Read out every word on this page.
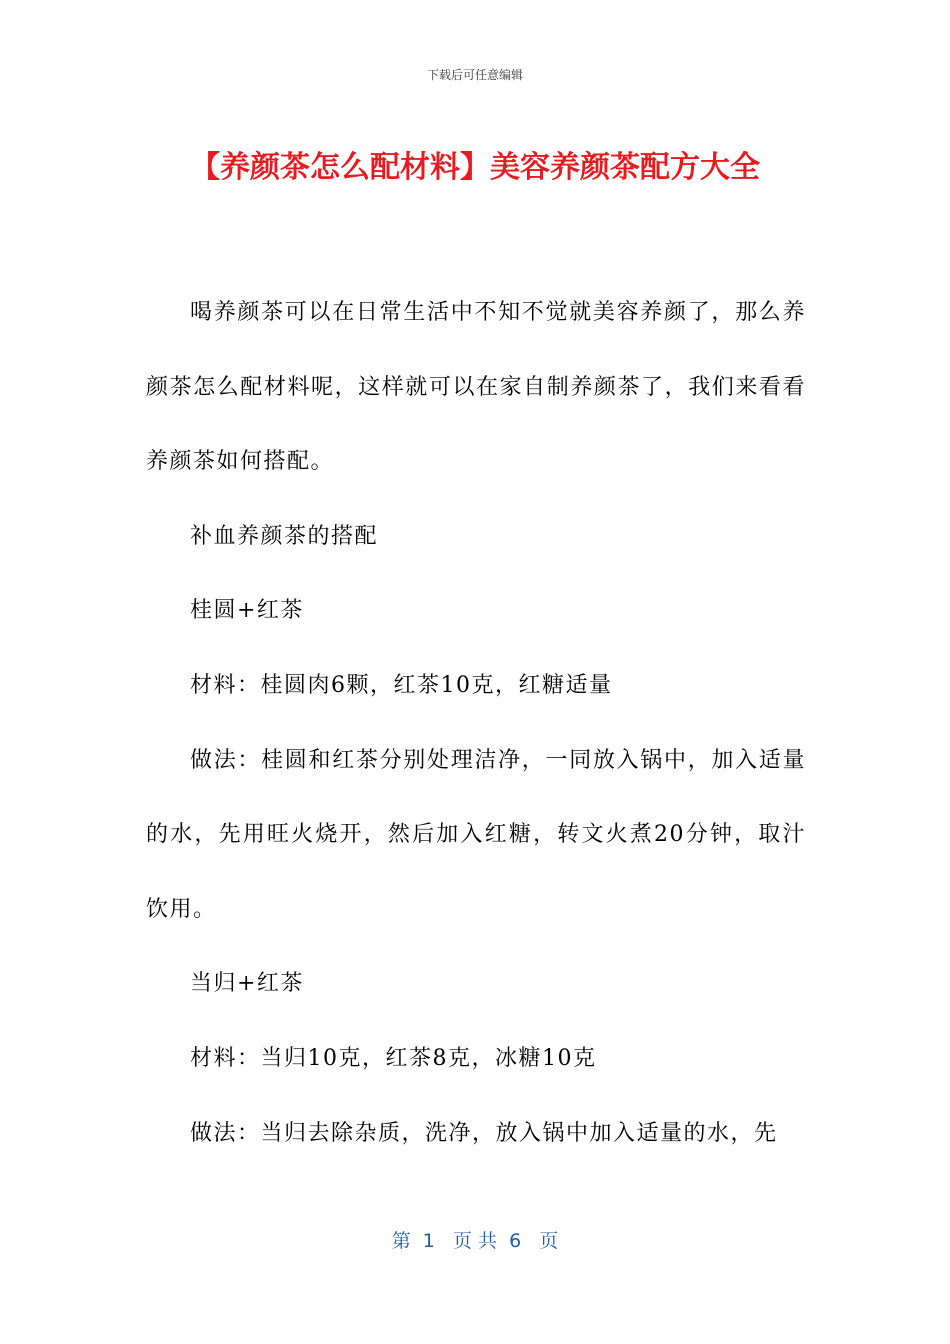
下载后可任意编辑
【养颜茶怎么配材料】美容养颜茶配方大全

喝养颜茶可以在日常生活中不知不觉就美容养颜了，那么养颜茶怎么配材料呢，这样就可以在家自制养颜茶了，我们来看看养颜茶如何搭配。

补血养颜茶的搭配

桂圆+红茶

材料：桂圆肉6颗，红茶10克，红糖适量

做法：桂圆和红茶分别处理洁净，一同放入锅中，加入适量的水，先用旺火烧开，然后加入红糖，转文火煮20分钟，取汁饮用。

当归+红茶

材料：当归10克，红茶8克，冰糖10克

做法：当归去除杂质，洗净，放入锅中加入适量的水，先

第  1   页 共  6   页
